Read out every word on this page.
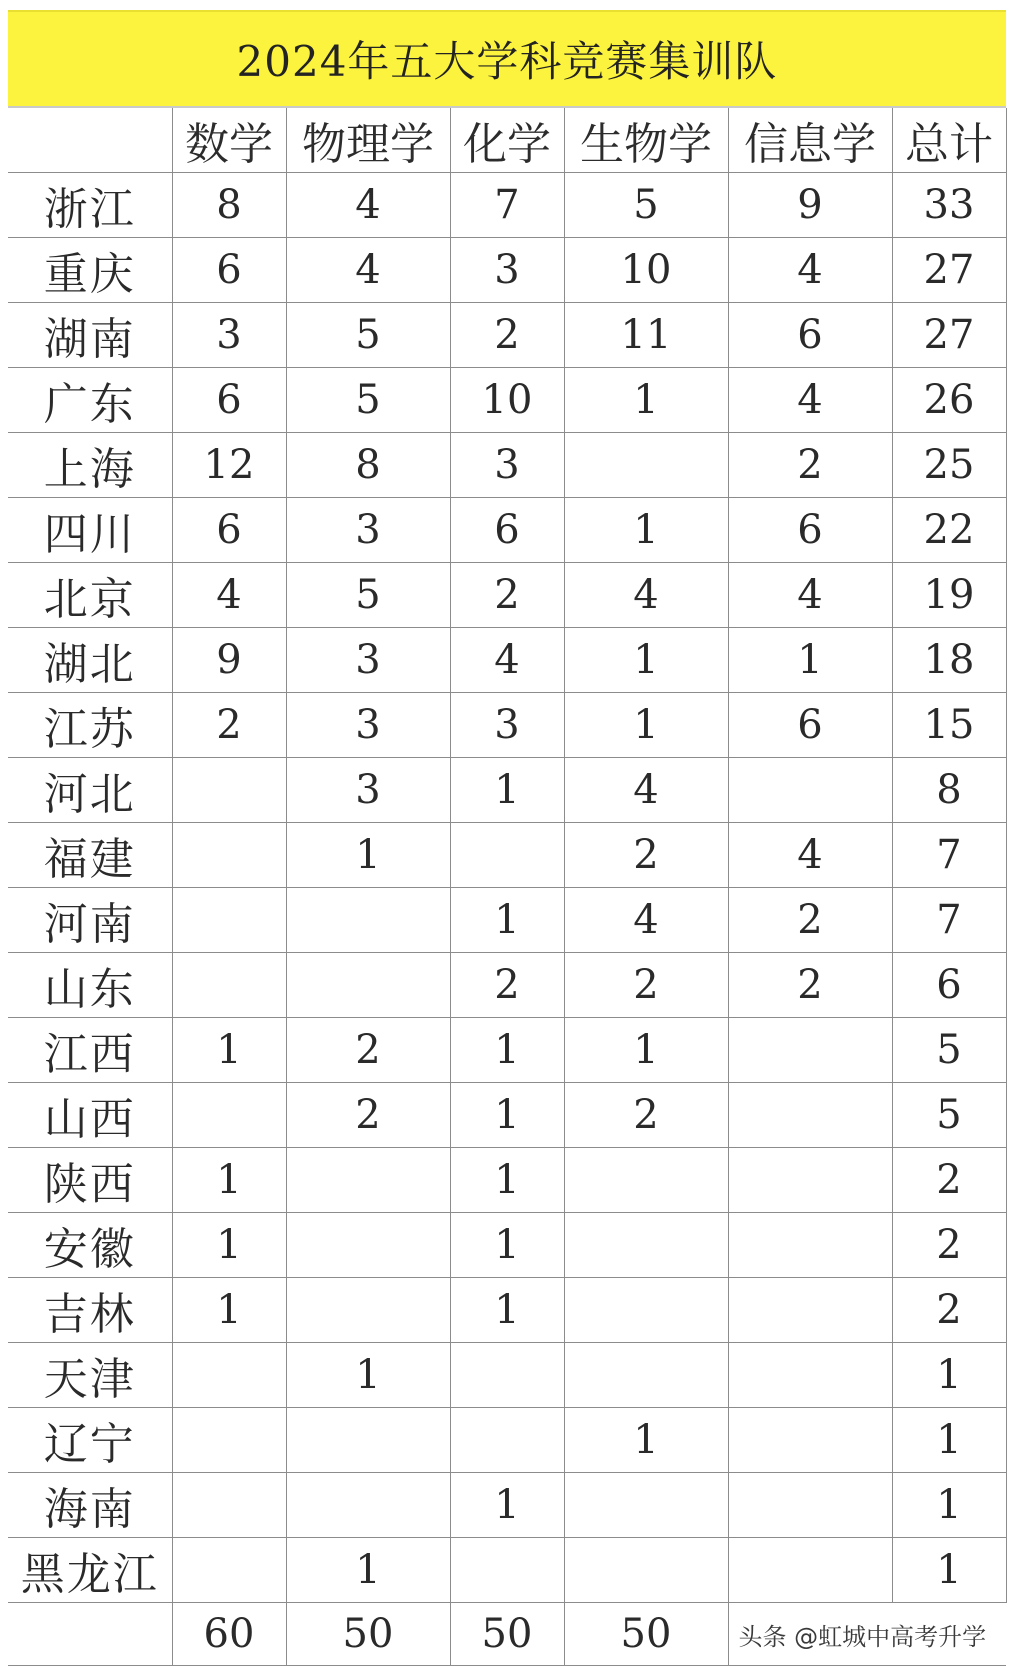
2024年五大学科竞赛集训队
	数学	物理学	化学	生物学	信息学	总计
浙江	8	4	7	5	9	33
重庆	6	4	3	10	4	27
湖南	3	5	2	11	6	27
广东	6	5	10	1	4	26
上海	12	8	3		2	25
四川	6	3	6	1	6	22
北京	4	5	2	4	4	19
湖北	9	3	4	1	1	18
江苏	2	3	3	1	6	15
河北		3	1	4		8
福建		1		2	4	7
河南			1	4	2	7
山东			2	2	2	6
江西	1	2	1	1		5
山西		2	1	2		5
陕西	1		1			2
安徽	1		1			2
吉林	1		1			2
天津		1				1
辽宁				1		1
海南			1			1
黑龙江		1				1
	60	50	50	50	头条 @虹城中高考升学	
